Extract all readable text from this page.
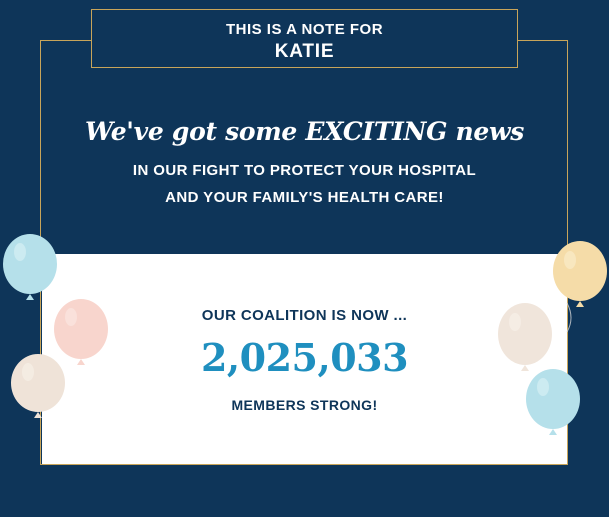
THIS IS A NOTE FOR
KATIE
We've got some EXCITING news
IN OUR FIGHT TO PROTECT YOUR HOSPITAL
AND YOUR FAMILY'S HEALTH CARE!
OUR COALITION IS NOW ...
2,025,033
MEMBERS STRONG!
